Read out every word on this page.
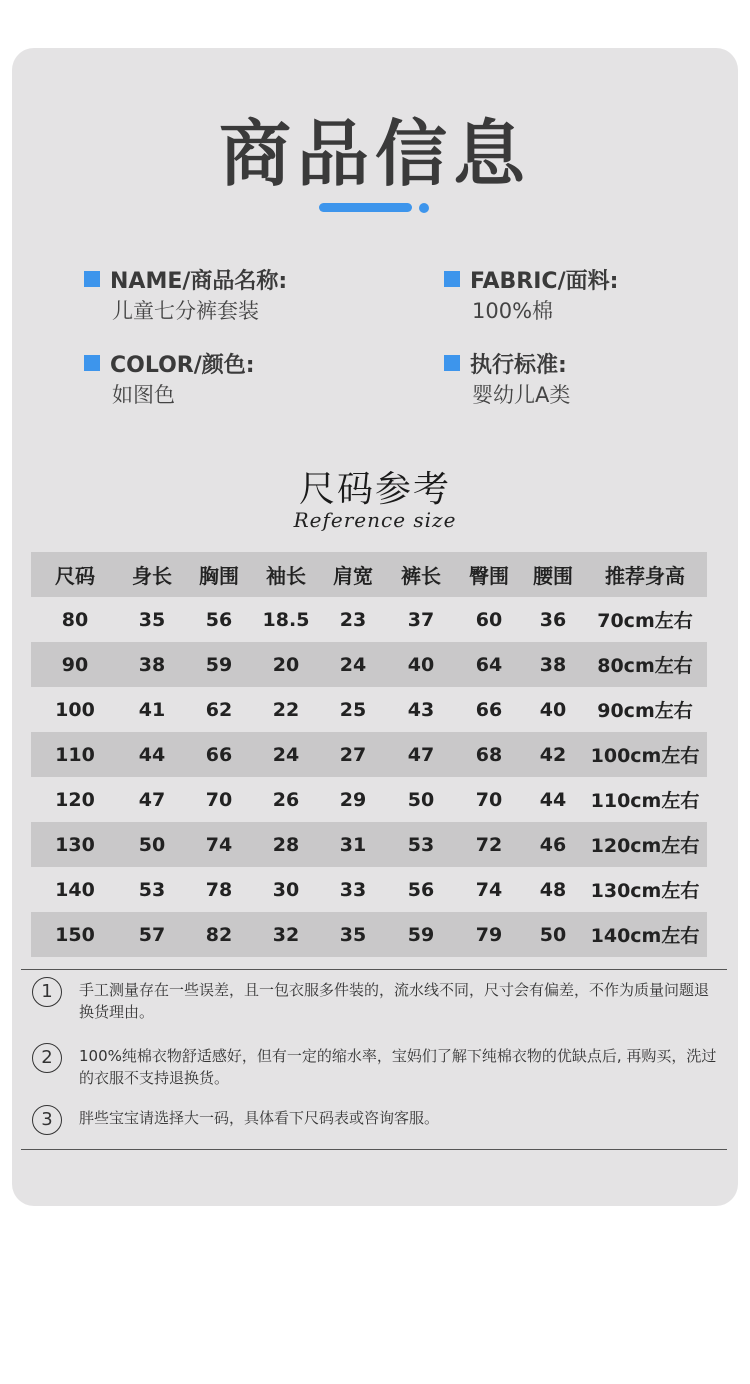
商品信息
NAME/商品名称:
儿童七分裤套装
FABRIC/面料:
100%棉
COLOR/颜色:
如图色
执行标准:
婴幼儿A类
尺码参考
Reference size
尺码	身长	胸围	袖长	肩宽	裤长	臀围	腰围	推荐身高
80	35	56	18.5	23	37	60	36	70cm左右
90	38	59	20	24	40	64	38	80cm左右
100	41	62	22	25	43	66	40	90cm左右
110	44	66	24	27	47	68	42	100cm左右
120	47	70	26	29	50	70	44	110cm左右
130	50	74	28	31	53	72	46	120cm左右
140	53	78	30	33	56	74	48	130cm左右
150	57	82	32	35	59	79	50	140cm左右
1	手工测量存在一些误差，且一包衣服多件装的，流水线不同，尺寸会有偏差，不作为质量问题退换货理由。
2	100%纯棉衣物舒适感好，但有一定的缩水率，宝妈们了解下纯棉衣物的优缺点后, 再购买，洗过的衣服不支持退换货。
3	胖些宝宝请选择大一码，具体看下尺码表或咨询客服。
